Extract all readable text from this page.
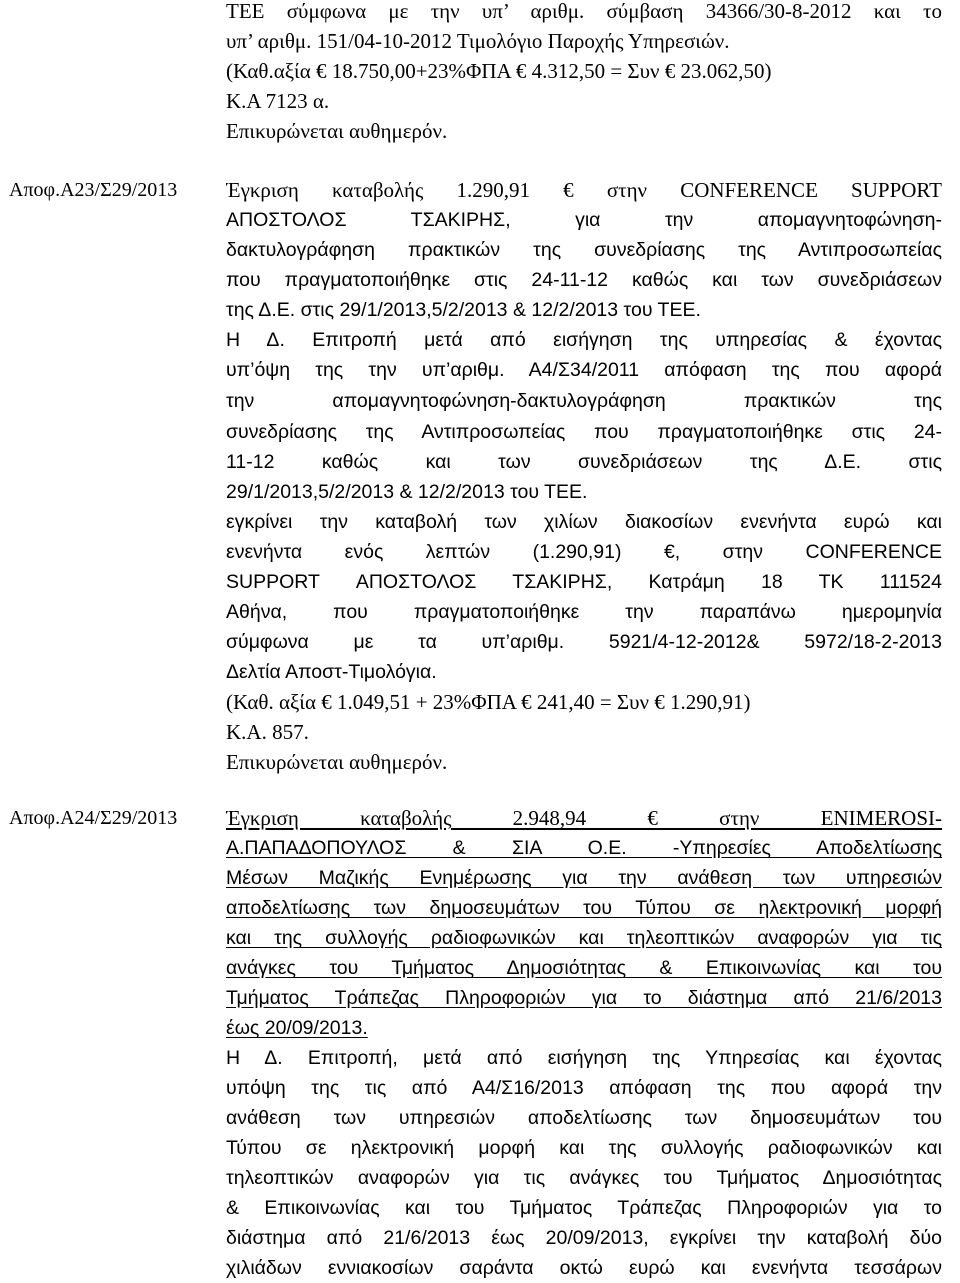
ΤΕΕ σύμφωνα με την υπ’ αριθμ. σύμβαση 34366/30-8-2012 και το
υπ’ αριθμ. 151/04-10-2012 Τιμολόγιο Παροχής Υπηρεσιών.
(Καθ.αξία € 18.750,00+23%ΦΠΑ € 4.312,50 = Συν € 23.062,50)
Κ.Α 7123 α.
Επικυρώνεται αυθημερόν.
Αποφ.Α23/Σ29/2013 Έγκριση καταβολής 1.290,91 € στην CONFERENCE SUPPORT
ΑΠΟΣΤΟΛΟΣ ΤΣΑΚΙΡΗΣ, για την απομαγνητοφώνηση-
δακτυλογράφηση πρακτικών της συνεδρίασης της Αντιπροσωπείας
που πραγματοποιήθηκε στις 24-11-12 καθώς και των συνεδριάσεων
της Δ.Ε. στις 29/1/2013,5/2/2013 & 12/2/2013 του ΤΕΕ.
Η Δ. Επιτροπή μετά από εισήγηση της υπηρεσίας & έχοντας
υπ’όψη της την υπ’αριθμ. Α4/Σ34/2011 απόφαση της που αφορά
την απομαγνητοφώνηση-δακτυλογράφηση πρακτικών της
συνεδρίασης της Αντιπροσωπείας που πραγματοποιήθηκε στις 24-
11-12 καθώς και των συνεδριάσεων της Δ.Ε. στις
29/1/2013,5/2/2013 & 12/2/2013 του ΤΕΕ.
εγκρίνει την καταβολή των χιλίων διακοσίων ενενήντα ευρώ και
ενενήντα ενός λεπτών (1.290,91) €, στην CONFERENCE
SUPPORT ΑΠΟΣΤΟΛΟΣ ΤΣΑΚΙΡΗΣ, Κατράμη 18 ΤΚ 111524
Αθήνα, που πραγματοποιήθηκε την παραπάνω ημερομηνία
σύμφωνα με τα υπ’αριθμ. 5921/4-12-2012& 5972/18-2-2013
Δελτία Αποστ-Τιμολόγια.
(Καθ. αξία € 1.049,51 + 23%ΦΠΑ € 241,40 = Συν € 1.290,91)
Κ.Α. 857.
Επικυρώνεται αυθημερόν.
Αποφ.Α24/Σ29/2013 Έγκριση καταβολής 2.948,94 € στην ENIMEROSI-
Α.ΠΑΠΑΔΟΠΟΥΛΟΣ & ΣΙΑ Ο.Ε. -Υπηρεσίες Αποδελτίωσης
Μέσων Μαζικής Ενημέρωσης για την ανάθεση των υπηρεσιών
αποδελτίωσης των δημοσευμάτων του Τύπου σε ηλεκτρονική μορφή
και της συλλογής ραδιοφωνικών και τηλεοπτικών αναφορών για τις
ανάγκες του Τμήματος Δημοσιότητας & Επικοινωνίας και του
Τμήματος Τράπεζας Πληροφοριών για το διάστημα από 21/6/2013
έως 20/09/2013.
Η Δ. Επιτροπή, μετά από εισήγηση της Υπηρεσίας και έχοντας
υπόψη της τις από Α4/Σ16/2013 απόφαση της που αφορά την
ανάθεση των υπηρεσιών αποδελτίωσης των δημοσευμάτων του
Τύπου σε ηλεκτρονική μορφή και της συλλογής ραδιοφωνικών και
τηλεοπτικών αναφορών για τις ανάγκες του Τμήματος Δημοσιότητας
& Επικοινωνίας και του Τμήματος Τράπεζας Πληροφοριών για το
διάστημα από 21/6/2013 έως 20/09/2013, εγκρίνει την καταβολή δύο
χιλιάδων εννιακοσίων σαράντα οκτώ ευρώ και ενενήντα τεσσάρων
